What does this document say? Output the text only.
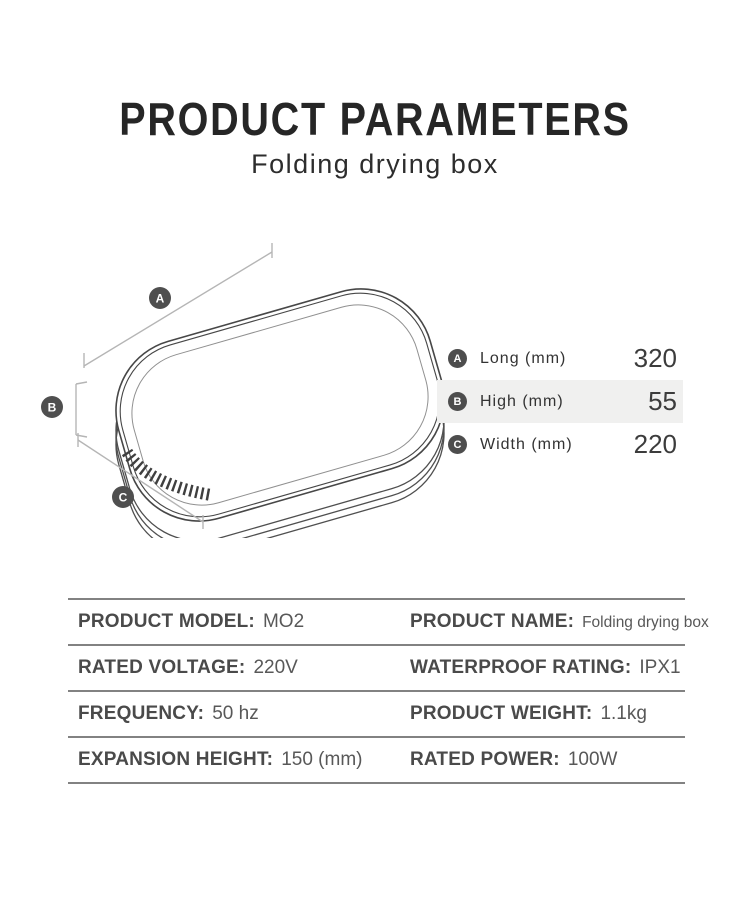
PRODUCT PARAMETERS
Folding drying box
A
B
C
A	Long (mm)	320
B	High (mm)	55
C	Width (mm) 220
PRODUCT MODEL: MO2	PRODUCT NAME: Folding drying box
RATED VOLTAGE: 220V	WATERPROOF RATING: IPX1
FREQUENCY: 50 hz	PRODUCT WEIGHT: 1.1kg
EXPANSION HEIGHT: 150 (mm)	RATED POWER: 100W
